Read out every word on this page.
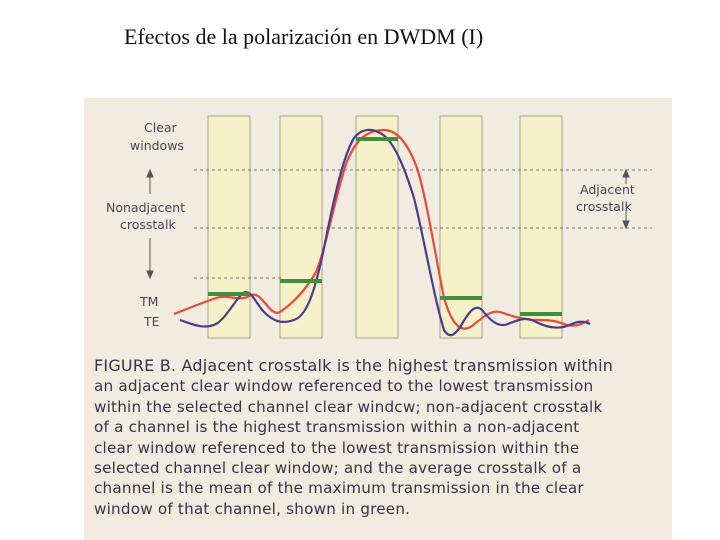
Efectos de la polarización en DWDM (I)
Clear
windows
Nonadjacent
crosstalk
Adjacent
crosstalk
TM
TE
FIGURE B. Adjacent crosstalk is the highest transmission within
an adjacent clear window referenced to the lowest transmission
within the selected channel clear windcw; non-adjacent crosstalk
of a channel is the highest transmission within a non-adjacent
clear window referenced to the lowest transmission within the
selected channel clear window; and the average crosstalk of a
channel is the mean of the maximum transmission in the clear
window of that channel, shown in green.
